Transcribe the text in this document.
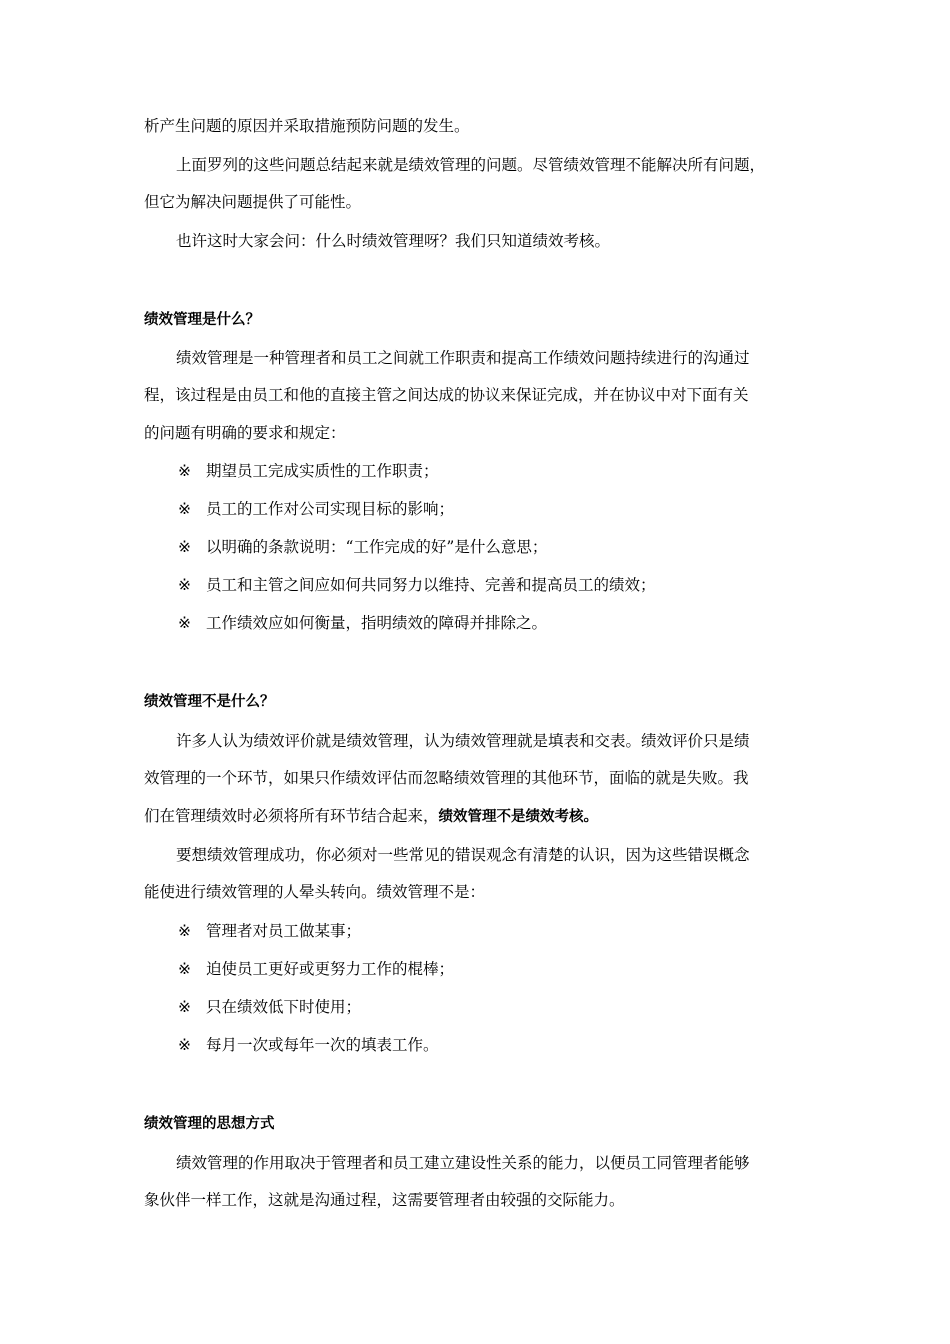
析产生问题的原因并采取措施预防问题的发生。
上面罗列的这些问题总结起来就是绩效管理的问题。尽管绩效管理不能解决所有问题，
但它为解决问题提供了可能性。
也许这时大家会问：什么时绩效管理呀？我们只知道绩效考核。
绩效管理是什么？
绩效管理是一种管理者和员工之间就工作职责和提高工作绩效问题持续进行的沟通过
程，该过程是由员工和他的直接主管之间达成的协议来保证完成，并在协议中对下面有关
的问题有明确的要求和规定：
※ 期望员工完成实质性的工作职责；
※ 员工的工作对公司实现目标的影响；
※ 以明确的条款说明：“工作完成的好”是什么意思；
※ 员工和主管之间应如何共同努力以维持、完善和提高员工的绩效；
※ 工作绩效应如何衡量，指明绩效的障碍并排除之。
绩效管理不是什么？
许多人认为绩效评价就是绩效管理，认为绩效管理就是填表和交表。绩效评价只是绩
效管理的一个环节，如果只作绩效评估而忽略绩效管理的其他环节，面临的就是失败。我
们在管理绩效时必须将所有环节结合起来，绩效管理不是绩效考核。
要想绩效管理成功，你必须对一些常见的错误观念有清楚的认识，因为这些错误概念
能使进行绩效管理的人晕头转向。绩效管理不是：
※ 管理者对员工做某事；
※ 迫使员工更好或更努力工作的棍棒；
※ 只在绩效低下时使用；
※ 每月一次或每年一次的填表工作。
绩效管理的思想方式
绩效管理的作用取决于管理者和员工建立建设性关系的能力，以便员工同管理者能够
象伙伴一样工作，这就是沟通过程，这需要管理者由较强的交际能力。
